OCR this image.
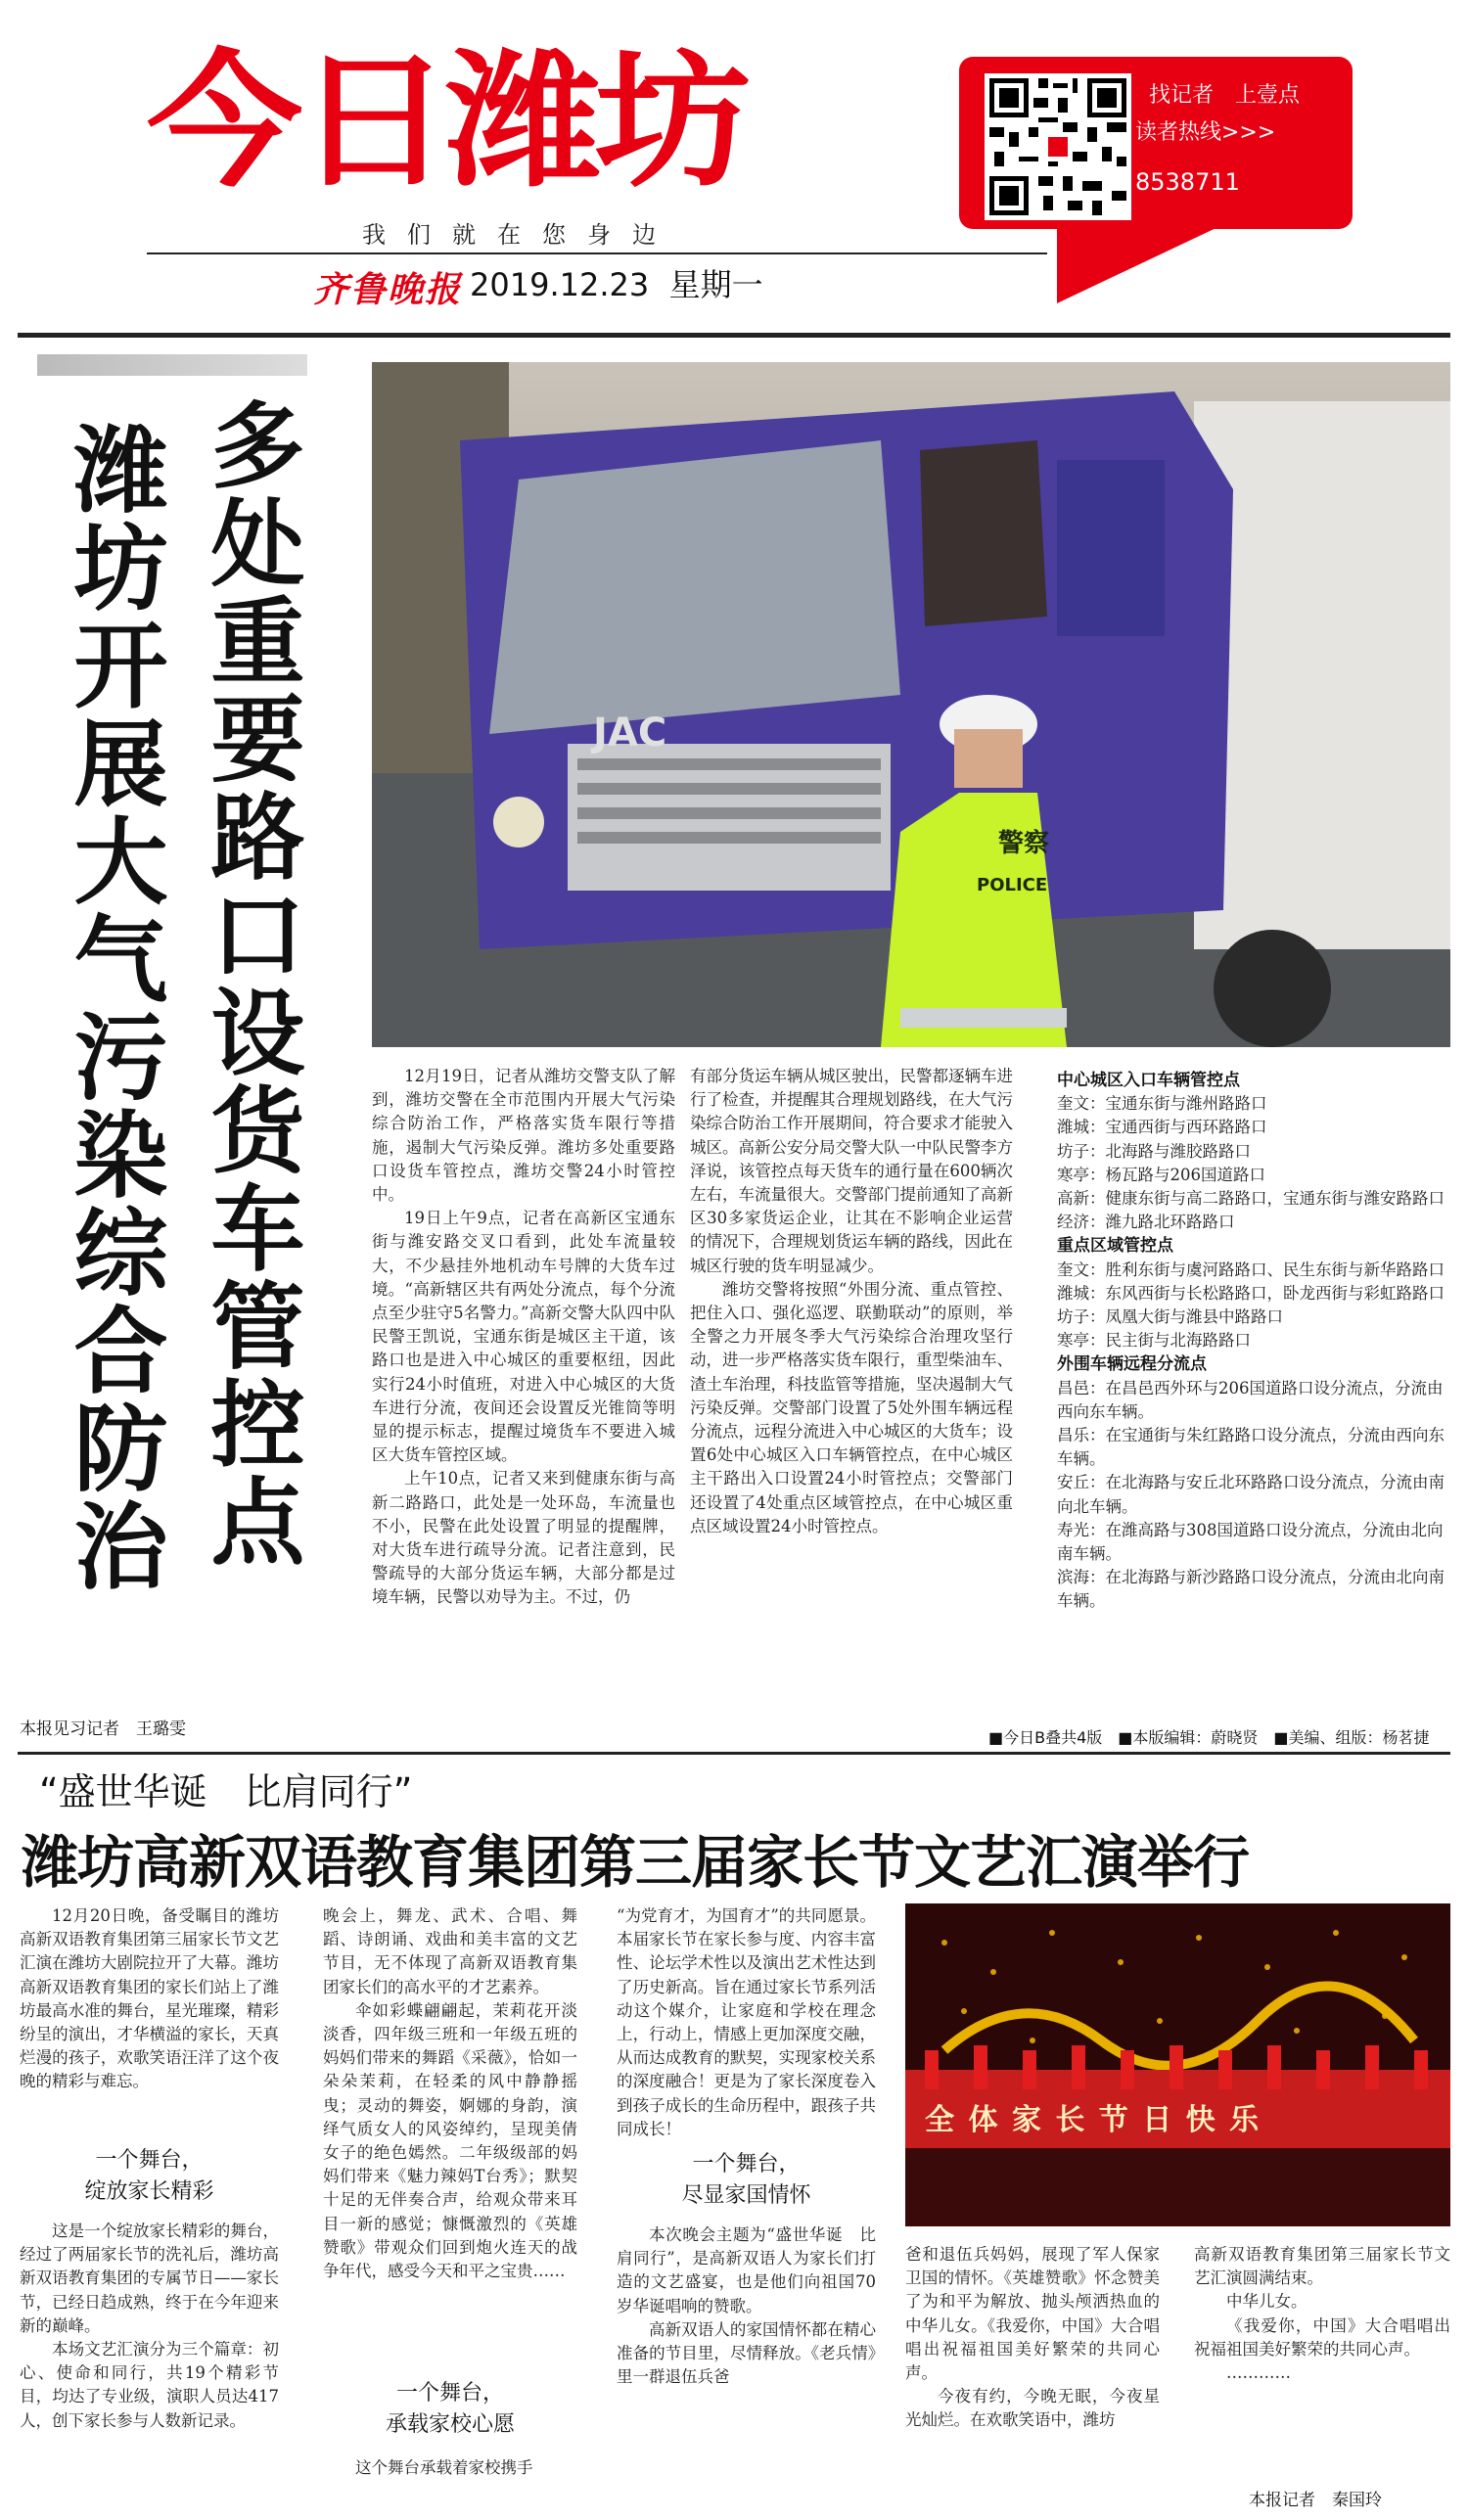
今日潍坊
我们就在您身边
齐鲁晚报 2019.12.23 星期一
找记者　上壹点
读者热线>>>
8538711
多处重要路口设货车管控点
潍坊开展大气污染综合防治
本报见习记者　王璐雯
JAC
警察
POLICE

12月19日，记者从潍坊交警支队了解到，潍坊交警在全市范围内开展大气污染综合防治工作，严格落实货车限行等措施，遏制大气污染反弹。潍坊多处重要路口设货车管控点，潍坊交警24小时管控中。

19日上午9点，记者在高新区宝通东街与潍安路交叉口看到，此处车流量较大，不少悬挂外地机动车号牌的大货车过境。“高新辖区共有两处分流点，每个分流点至少驻守5名警力。”高新交警大队四中队民警王凯说，宝通东街是城区主干道，该路口也是进入中心城区的重要枢纽，因此实行24小时值班，对进入中心城区的大货车进行分流，夜间还会设置反光锥筒等明显的提示标志，提醒过境货车不要进入城区大货车管控区域。

上午10点，记者又来到健康东街与高新二路路口，此处是一处环岛，车流量也不小，民警在此处设置了明显的提醒牌，对大货车进行疏导分流。记者注意到，民警疏导的大部分货运车辆，大部分都是过境车辆，民警以劝导为主。不过，仍

有部分货运车辆从城区驶出，民警都逐辆车进行了检查，并提醒其合理规划路线，在大气污染综合防治工作开展期间，符合要求才能驶入城区。高新公安分局交警大队一中队民警李方泽说，该管控点每天货车的通行量在600辆次左右，车流量很大。交警部门提前通知了高新区30多家货运企业，让其在不影响企业运营的情况下，合理规划货运车辆的路线，因此在城区行驶的货车明显减少。

潍坊交警将按照“外围分流、重点管控、把住入口、强化巡逻、联勤联动”的原则，举全警之力开展冬季大气污染综合治理攻坚行动，进一步严格落实货车限行，重型柴油车、渣土车治理，科技监管等措施，坚决遏制大气污染反弹。交警部门设置了5处外围车辆远程分流点，远程分流进入中心城区的大货车；设置6处中心城区入口车辆管控点，在中心城区主干路出入口设置24小时管控点；交警部门还设置了4处重点区域管控点，在中心城区重点区域设置24小时管控点。

中心城区入口车辆管控点
奎文：宝通东街与潍州路路口
潍城：宝通西街与西环路路口
坊子：北海路与潍胶路路口
寒亭：杨瓦路与206国道路口
高新：健康东街与高二路路口，宝通东街与潍安路路口
经济：潍九路北环路路口
重点区域管控点
奎文：胜利东街与虞河路路口、民生东街与新华路路口
潍城：东风西街与长松路路口，卧龙西街与彩虹路路口
坊子：凤凰大街与潍县中路路口
寒亭：民主街与北海路路口
外围车辆远程分流点
昌邑：在昌邑西外环与206国道路口设分流点，分流由西向东车辆。
昌乐：在宝通街与朱红路路口设分流点，分流由西向东车辆。
安丘：在北海路与安丘北环路路口设分流点，分流由南向北车辆。
寿光：在潍高路与308国道路口设分流点，分流由北向南车辆。
滨海：在北海路与新沙路路口设分流点，分流由北向南车辆。
■今日B叠共4版　■本版编辑：蔚晓贤　■美编、组版：杨茗捷
“盛世华诞　比肩同行”
潍坊高新双语教育集团第三届家长节文艺汇演举行
全 体 家 长 节 日 快 乐

12月20日晚，备受瞩目的潍坊高新双语教育集团第三届家长节文艺汇演在潍坊大剧院拉开了大幕。潍坊高新双语教育集团的家长们站上了潍坊最高水准的舞台，星光璀璨，精彩纷呈的演出，才华横溢的家长，天真烂漫的孩子，欢歌笑语汪洋了这个夜晚的精彩与难忘。

一个舞台，
绽放家长精彩

这是一个绽放家长精彩的舞台，经过了两届家长节的洗礼后，潍坊高新双语教育集团的专属节日——家长节，已经日趋成熟，终于在今年迎来新的巅峰。

本场文艺汇演分为三个篇章：初心、使命和同行，共19个精彩节目，均达了专业级，演职人员达417人，创下家长参与人数新记录。

晚会上，舞龙、武术、合唱、舞蹈、诗朗诵、戏曲和美丰富的文艺节目，无不体现了高新双语教育集团家长们的高水平的才艺素养。

伞如彩蝶翩翩起，茉莉花开淡淡香，四年级三班和一年级五班的妈妈们带来的舞蹈《采薇》，恰如一朵朵茉莉，在轻柔的风中静静摇曳；灵动的舞姿，婀娜的身韵，演绎气质女人的风姿绰约，呈现美倩女子的绝色嫣然。二年级级部的妈妈们带来《魅力辣妈T台秀》；默契十足的无伴奏合声，给观众带来耳目一新的感觉；慷慨激烈的《英雄赞歌》带观众们回到炮火连天的战争年代，感受今天和平之宝贵……

一个舞台，
承载家校心愿

这个舞台承载着家校携手

“为党育才，为国育才”的共同愿景。本届家长节在家长参与度、内容丰富性、论坛学术性以及演出艺术性达到了历史新高。旨在通过家长节系列活动这个媒介，让家庭和学校在理念上，行动上，情感上更加深度交融，从而达成教育的默契，实现家校关系的深度融合！更是为了家长深度卷入到孩子成长的生命历程中，跟孩子共同成长！

一个舞台，
尽显家国情怀

本次晚会主题为“盛世华诞　比肩同行”，是高新双语人为家长们打造的文艺盛宴，也是他们向祖国70岁华诞唱响的赞歌。

高新双语人的家国情怀都在精心准备的节目里，尽情释放。《老兵情》里一群退伍兵爸

爸和退伍兵妈妈，展现了军人保家卫国的情怀。《英雄赞歌》怀念赞美了为和平为解放、抛头颅洒热血的中华儿女。《我爱你，中国》大合唱唱出祝福祖国美好繁荣的共同心声。

今夜有约，今晚无眠，今夜星光灿烂。在欢歌笑语中，潍坊

高新双语教育集团第三届家长节文艺汇演圆满结束。

中华儿女。

《我爱你，中国》大合唱唱出祝福祖国美好繁荣的共同心声。

…………

本报记者　秦国玲
